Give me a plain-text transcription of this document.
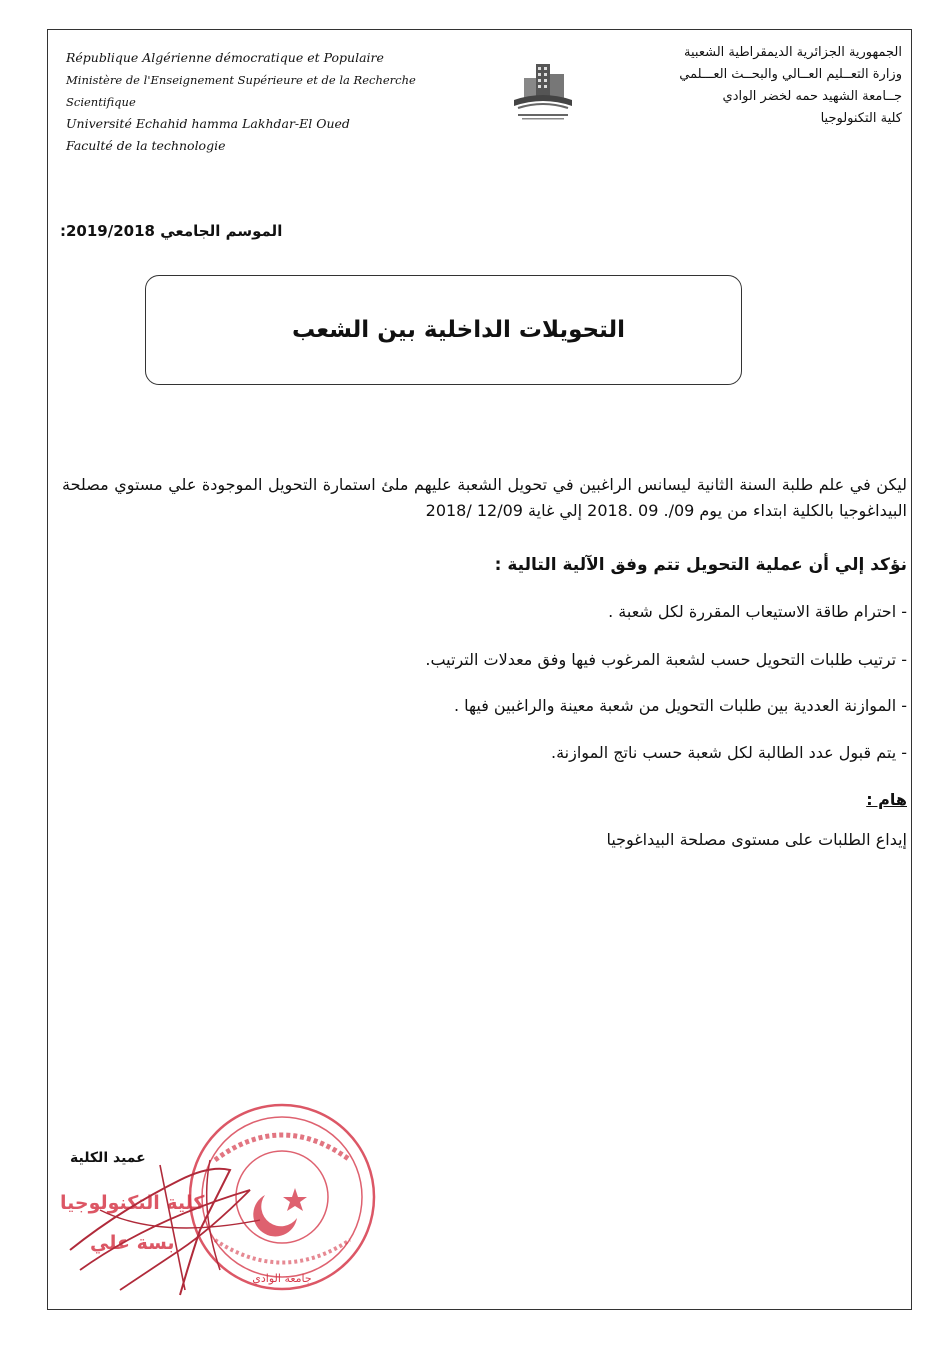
République Algérienne démocratique et Populaire
Ministère de l'Enseignement Supérieure et de la Recherche Scientifique
Université Echahid hamma Lakhdar-El Oued
Faculté de la technologie
الجمهورية الجزائرية الديمقراطية الشعبية
وزارة التعــليم العــالي والبحــث العـــلمي
جــامعة الشهيد حمه لخضر الوادي
كلية التكنولوجيا
الموسم الجامعي 2019/2018:
التحويلات الداخلية بين الشعب
ليكن في علم طلبة السنة الثانية ليسانس الراغبين في تحويل الشعبة عليهم ملئ استمارة التحويل الموجودة علي مستوي مصلحة البيداغوجيا بالكلية ابتداء من يوم 09/. 09 .2018 إلي غاية 12/09 /2018
نؤكد إلي أن عملية التحويل تتم وفق الآلية التالية :
- احترام طاقة الاستيعاب المقررة لكل شعبة .
- ترتيب طلبات التحويل حسب لشعبة المرغوب فيها وفق معدلات الترتيب.
- الموازنة العددية بين طلبات التحويل من شعبة معينة والراغبين فيها .
- يتم قبول عدد الطالبة لكل شعبة حسب ناتج الموازنة.
هام :
إيداع الطلبات على مستوى مصلحة البيداغوجيا
عميد الكلية
جامعة الوادي
كلية التكنولوجيا
بسة علي
